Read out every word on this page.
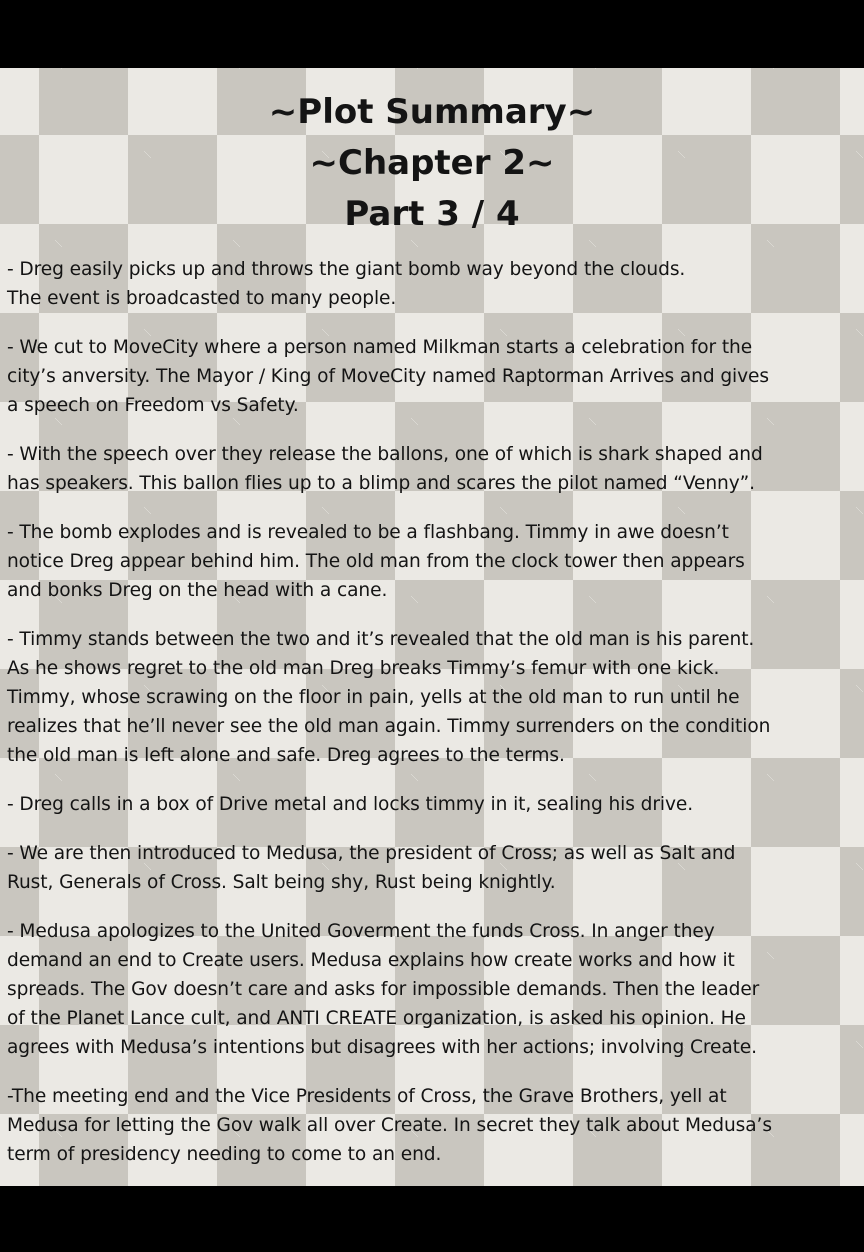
~Plot Summary~

~Chapter 2~

Part 3 / 4

- Dreg easily picks up and throws the giant bomb way beyond the clouds.
The event is broadcasted to many people.

- We cut to MoveCity where a person named Milkman starts a celebration for the
city’s anversity. The Mayor / King of MoveCity named Raptorman Arrives and gives
a speech on Freedom vs Safety.

- With the speech over they release the ballons, one of which is shark shaped and
has speakers. This ballon flies up to a blimp and scares the pilot named “Venny”.

- The bomb explodes and is revealed to be a flashbang. Timmy in awe doesn’t
notice Dreg appear behind him. The old man from the clock tower then appears
and bonks Dreg on the head with a cane.

- Timmy stands between the two and it’s revealed that the old man is his parent.
As he shows regret to the old man Dreg breaks Timmy’s femur with one kick.
Timmy, whose scrawing on the floor in pain, yells at the old man to run until he
realizes that he’ll never see the old man again. Timmy surrenders on the condition
the old man is left alone and safe. Dreg agrees to the terms.

- Dreg calls in a box of Drive metal and locks timmy in it, sealing his drive.

- We are then introduced to Medusa, the president of Cross; as well as Salt and
Rust, Generals of Cross. Salt being shy, Rust being knightly.

- Medusa apologizes to the United Goverment the funds Cross. In anger they
demand an end to Create users. Medusa explains how create works and how it
spreads. The Gov doesn’t care and asks for impossible demands. Then the leader
of the Planet Lance cult, and ANTI CREATE organization, is asked his opinion. He
agrees with Medusa’s intentions but disagrees with her actions; involving Create.

-The meeting end and the Vice Presidents of Cross, the Grave Brothers, yell at
Medusa for letting the Gov walk all over Create. In secret they talk about Medusa’s
term of presidency needing to come to an end.
